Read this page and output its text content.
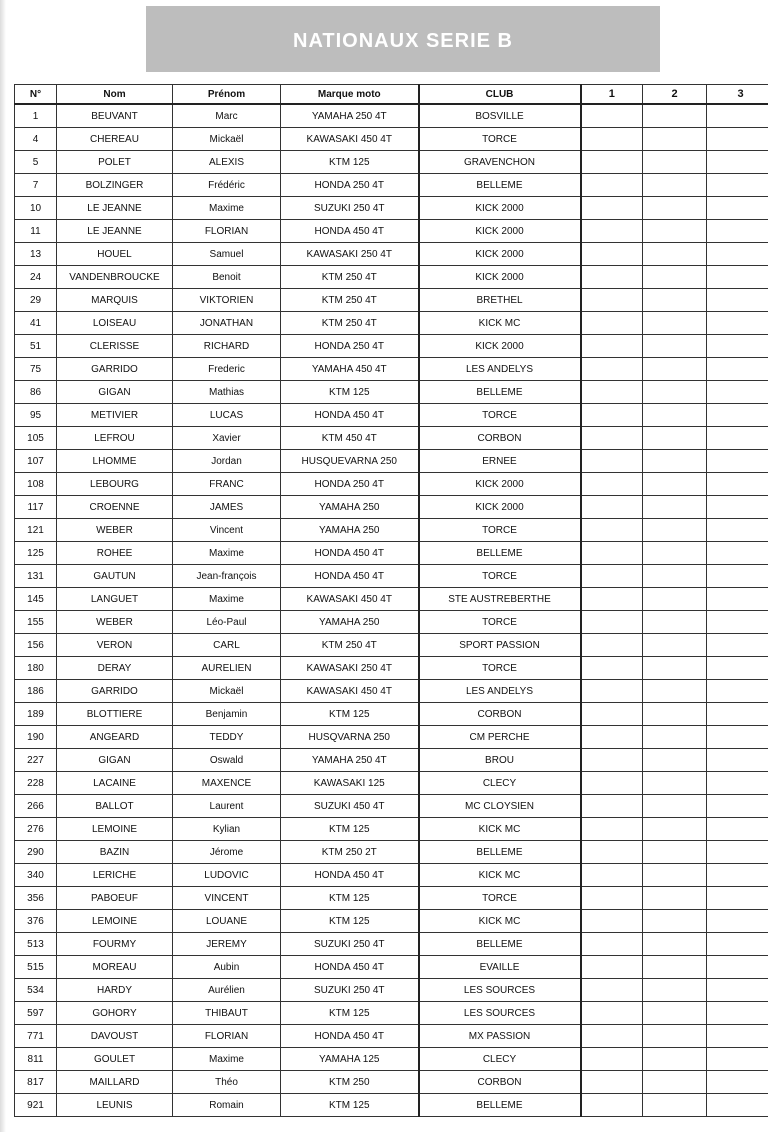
NATIONAUX SERIE B
N°	Nom	Prénom	Marque moto	CLUB	1	2	3
1	BEUVANT	Marc	YAMAHA 250 4T	BOSVILLE			
4	CHEREAU	Mickaël	KAWASAKI 450 4T	TORCE			
5	POLET	ALEXIS	KTM 125	GRAVENCHON			
7	BOLZINGER	Frédéric	HONDA 250 4T	BELLEME			
10	LE JEANNE	Maxime	SUZUKI 250 4T	KICK 2000			
11	LE JEANNE	FLORIAN	HONDA 450 4T	KICK 2000			
13	HOUEL	Samuel	KAWASAKI 250 4T	KICK 2000			
24	VANDENBROUCKE	Benoit	KTM 250 4T	KICK 2000			
29	MARQUIS	VIKTORIEN	KTM 250 4T	BRETHEL			
41	LOISEAU	JONATHAN	KTM 250 4T	KICK MC			
51	CLERISSE	RICHARD	HONDA 250 4T	KICK 2000			
75	GARRIDO	Frederic	YAMAHA 450 4T	LES ANDELYS			
86	GIGAN	Mathias	KTM 125	BELLEME			
95	METIVIER	LUCAS	HONDA 450 4T	TORCE			
105	LEFROU	Xavier	KTM 450 4T	CORBON			
107	LHOMME	Jordan	HUSQUEVARNA 250	ERNEE			
108	LEBOURG	FRANC	HONDA 250 4T	KICK 2000			
117	CROENNE	JAMES	YAMAHA 250	KICK 2000			
121	WEBER	Vincent	YAMAHA 250	TORCE			
125	ROHEE	Maxime	HONDA 450 4T	BELLEME			
131	GAUTUN	Jean-françois	HONDA 450 4T	TORCE			
145	LANGUET	Maxime	KAWASAKI 450 4T	STE AUSTREBERTHE			
155	WEBER	Léo-Paul	YAMAHA 250	TORCE			
156	VERON	CARL	KTM 250 4T	SPORT PASSION			
180	DERAY	AURELIEN	KAWASAKI 250 4T	TORCE			
186	GARRIDO	Mickaël	KAWASAKI 450 4T	LES ANDELYS			
189	BLOTTIERE	Benjamin	KTM 125	CORBON			
190	ANGEARD	TEDDY	HUSQVARNA 250	CM PERCHE			
227	GIGAN	Oswald	YAMAHA 250 4T	BROU			
228	LACAINE	MAXENCE	KAWASAKI 125	CLECY			
266	BALLOT	Laurent	SUZUKI 450 4T	MC CLOYSIEN			
276	LEMOINE	Kylian	KTM 125	KICK MC			
290	BAZIN	Jérome	KTM 250 2T	BELLEME			
340	LERICHE	LUDOVIC	HONDA 450 4T	KICK MC			
356	PABOEUF	VINCENT	KTM 125	TORCE			
376	LEMOINE	LOUANE	KTM 125	KICK MC			
513	FOURMY	JEREMY	SUZUKI 250 4T	BELLEME			
515	MOREAU	Aubin	HONDA 450 4T	EVAILLE			
534	HARDY	Aurélien	SUZUKI 250 4T	LES SOURCES			
597	GOHORY	THIBAUT	KTM 125	LES SOURCES			
771	DAVOUST	FLORIAN	HONDA 450 4T	MX PASSION			
811	GOULET	Maxime	YAMAHA 125	CLECY			
817	MAILLARD	Théo	KTM 250	CORBON			
921	LEUNIS	Romain	KTM 125	BELLEME			
